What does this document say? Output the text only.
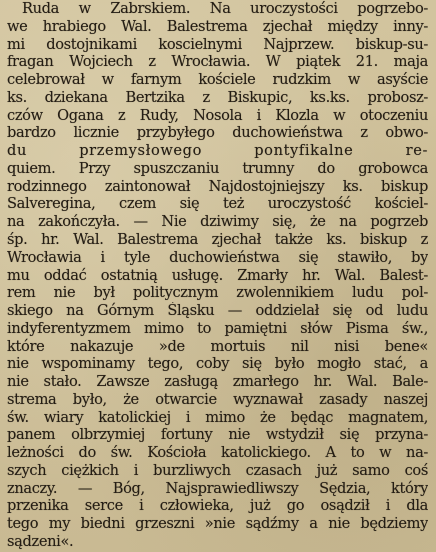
Ruda w Zabrskiem. Na uroczystości pogrzebo-
we hrabiego Wal. Balestrema zjechał między inny-
mi dostojnikami koscielnymi Najprzew. biskup-su-
fragan Wojciech z Wrocławia. W piątek 21. maja
celebrował w farnym kościele rudzkim w asyście
ks. dziekana Bertzika z Biskupic, ks.ks. probosz-
czów Ogana z Rudy, Nosola i Klozla w otoczeniu
bardzo licznie przybyłego duchowieństwa z obwo-
du przemysłowego pontyfikalne re-
quiem. Przy spuszczaniu trumny do grobowca
rodzinnego zaintonował Najdostojniejszy ks. biskup
Salveregina, czem się też uroczystość kościel-
na zakończyła. — Nie dziwimy się, że na pogrzeb
śp. hr. Wal. Balestrema zjechał także ks. biskup z
Wrocławia i tyle duchowieństwa się stawiło, by
mu oddać ostatnią usługę. Zmarły hr. Wal. Balest-
rem nie był politycznym zwolennikiem ludu pol-
skiego na Górnym Śląsku — oddzielał się od ludu
indyferentyzmem mimo to pamiętni słów Pisma św.,
które nakazuje »de mortuis nil nisi bene«
nie wspominamy tego, coby się było mogło stać, a
nie stało. Zawsze zasługą zmarłego hr. Wal. Bale-
strema było, że otwarcie wyznawał zasady naszej
św. wiary katolickiej i mimo że będąc magnatem,
panem olbrzymiej fortuny nie wstydził się przyna-
leżności do św. Kościoła katolickiego. A to w na-
szych ciężkich i burzliwych czasach już samo coś
znaczy. — Bóg, Najsprawiedliwszy Sędzia, który
przenika serce i człowieka, już go osądził i dla
tego my biedni grzeszni »nie sądźmy a nie będziemy
sądzeni«.
